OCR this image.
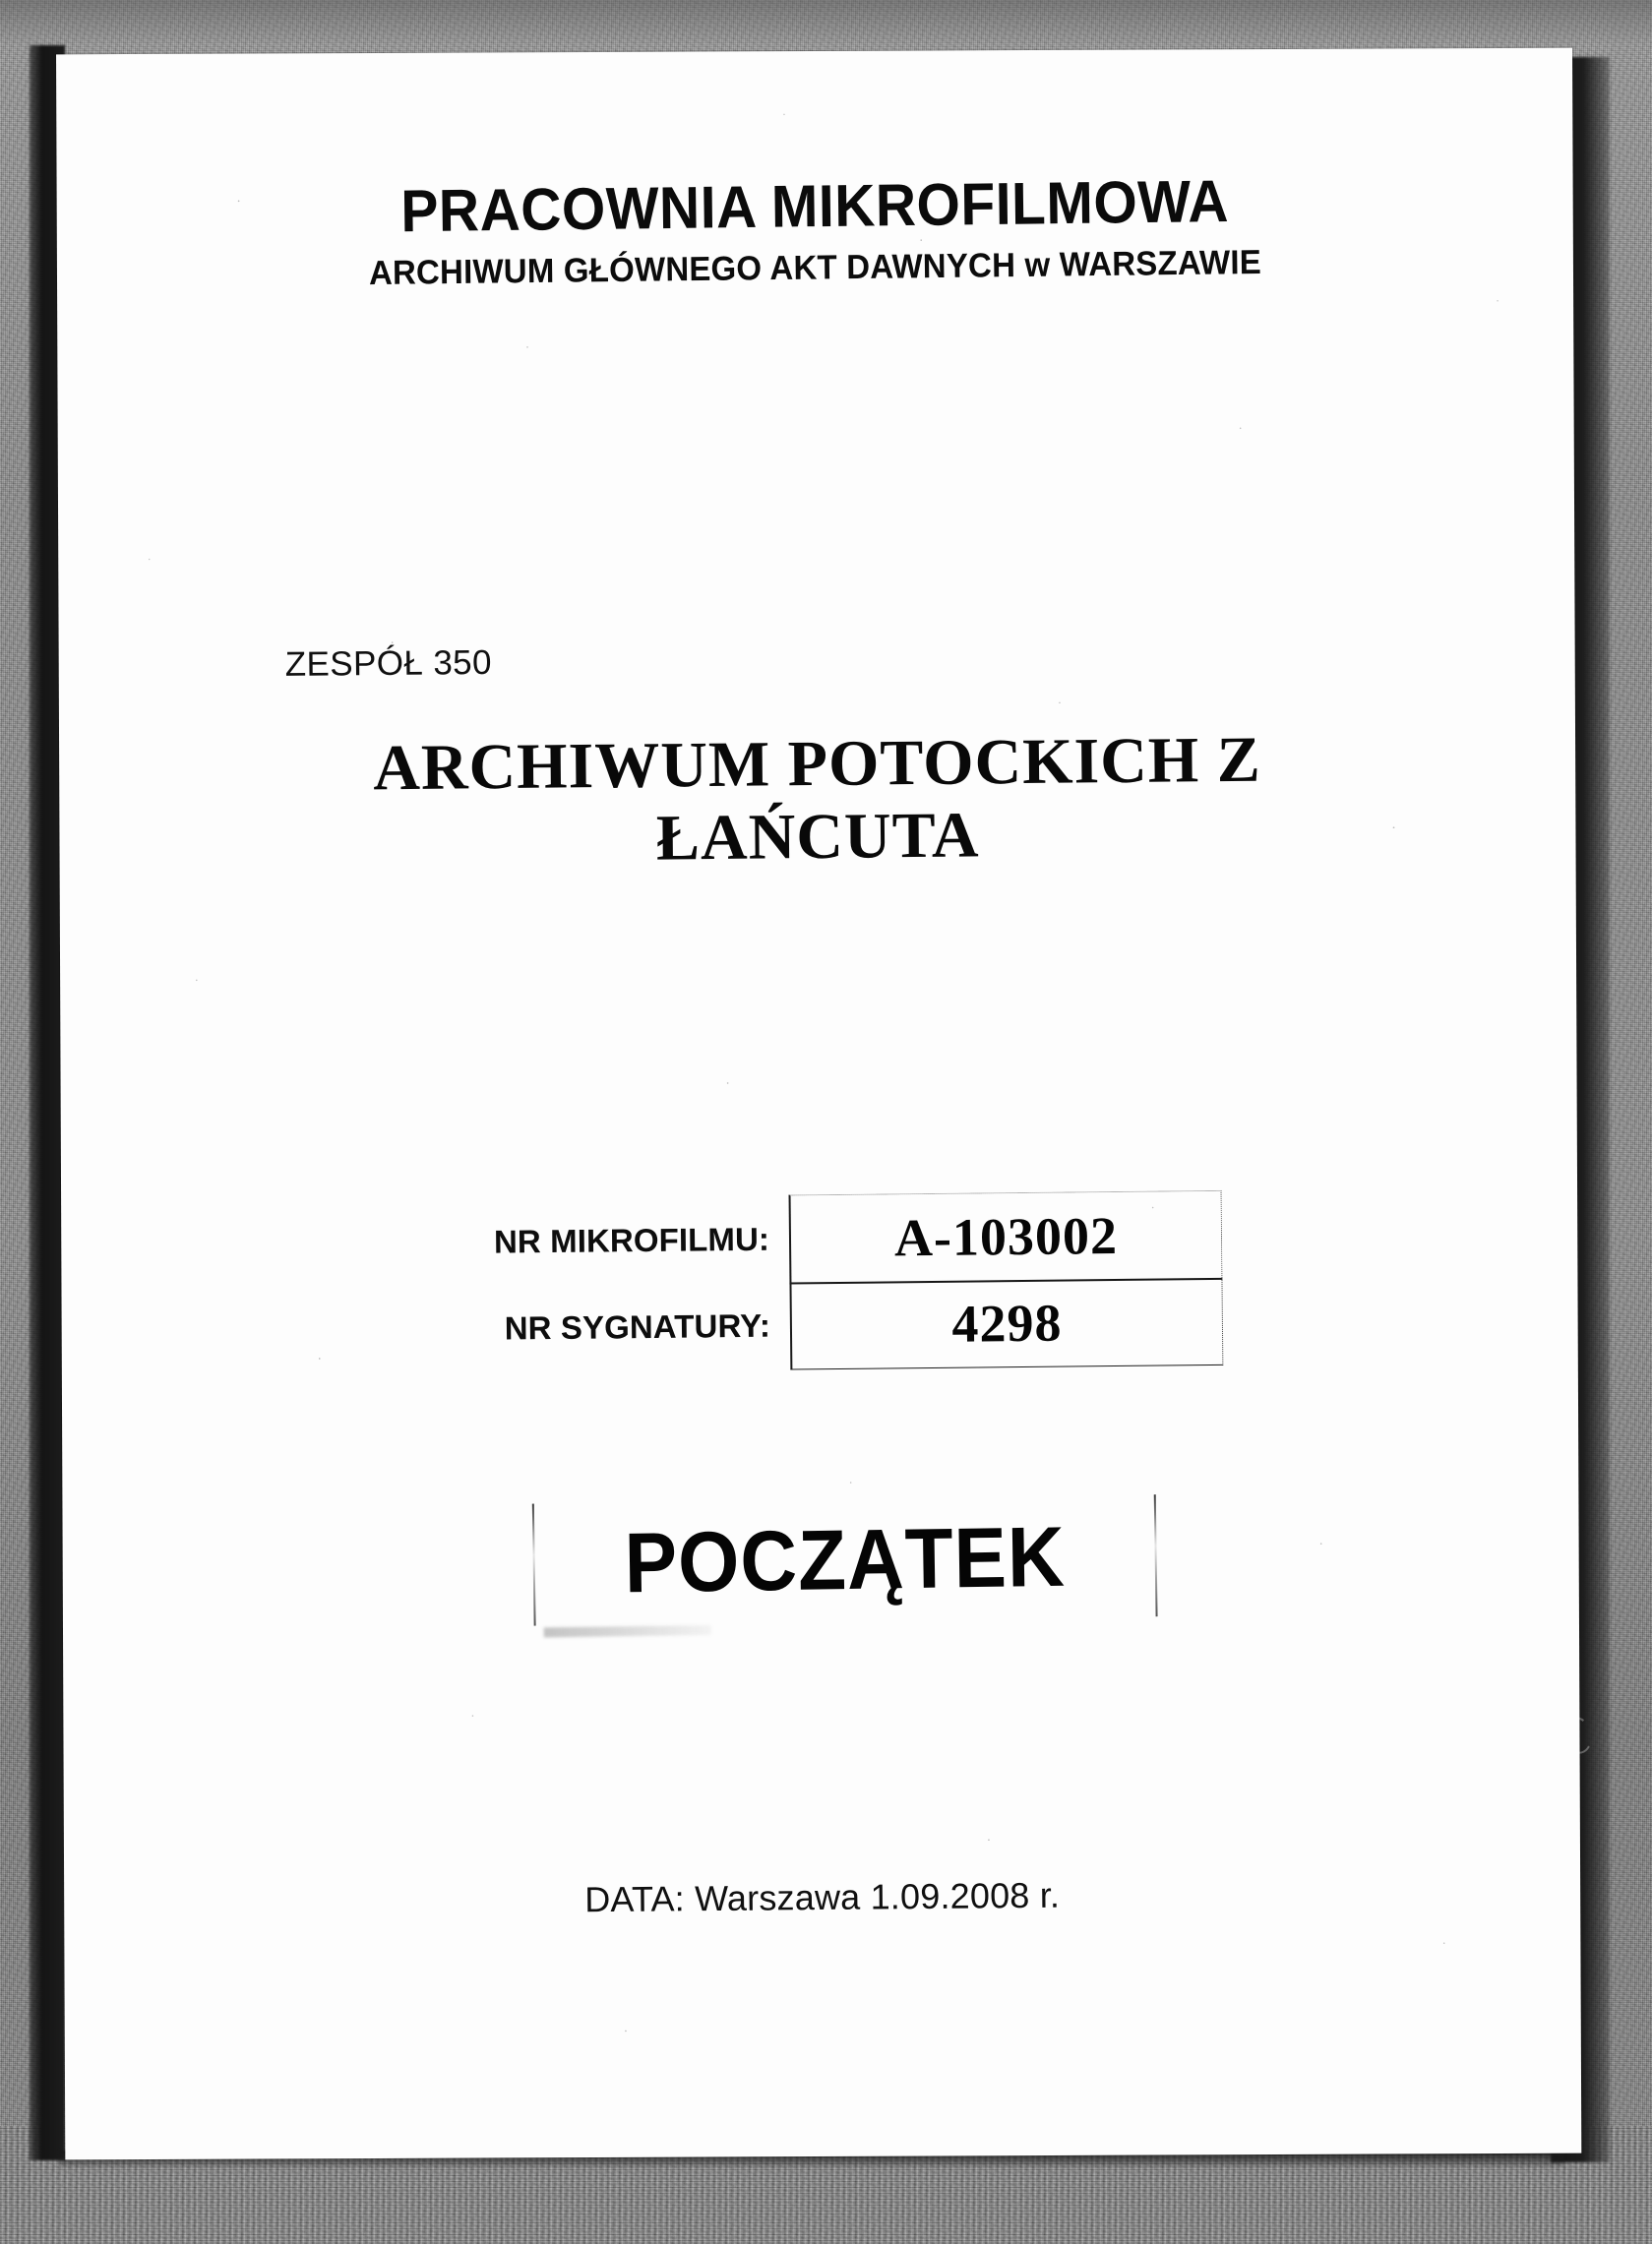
PRACOWNIA MIKROFILMOWA
ARCHIWUM GŁÓWNEGO AKT DAWNYCH w WARSZAWIE
ZESPÓŁ 350
ARCHIWUM POTOCKICH Z
ŁAŃCUTA
NR MIKROFILMU:	A-103002
NR SYGNATURY:	4298
POCZĄTEK
DATA: Warszawa 1.09.2008 r.
